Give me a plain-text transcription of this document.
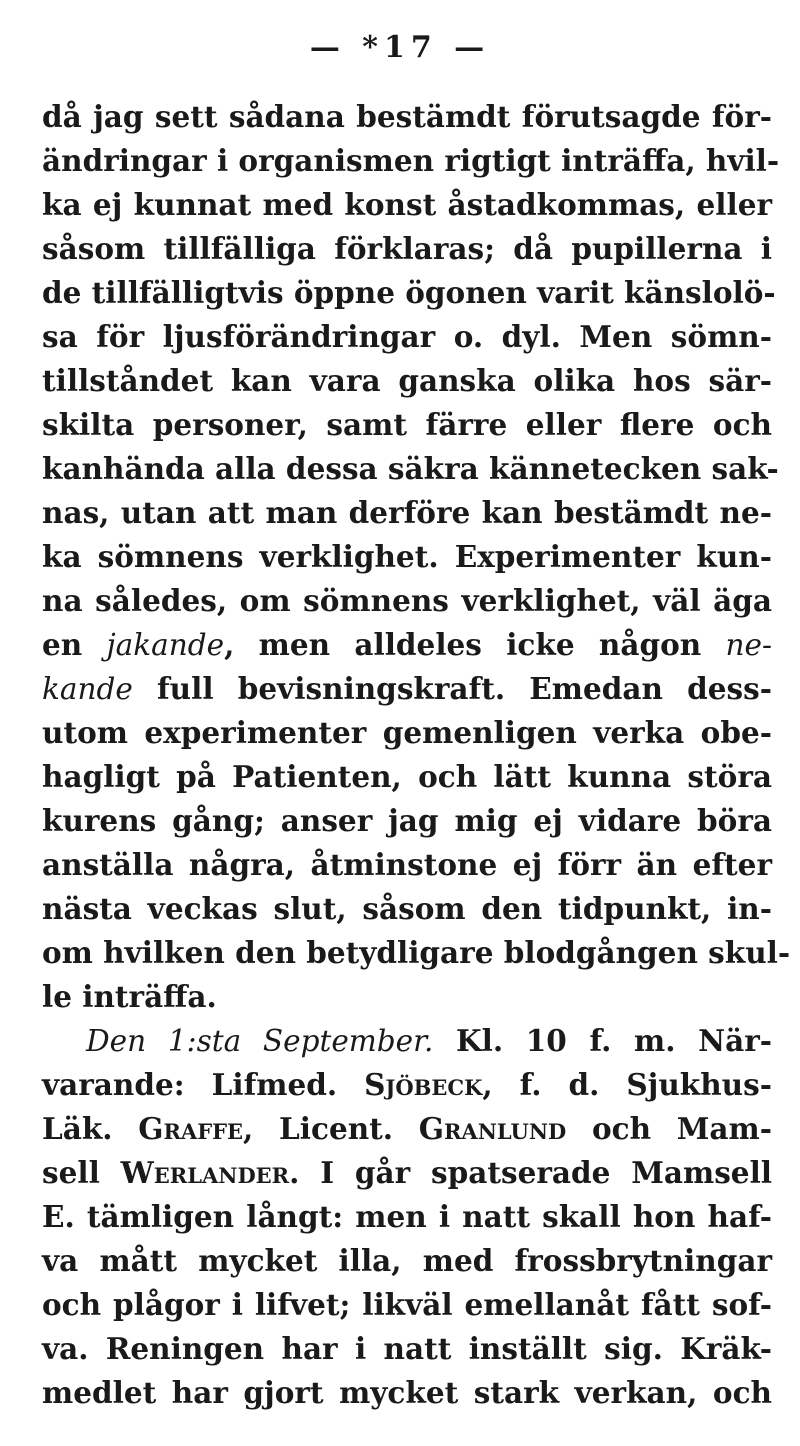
— *17 —
då jag sett sådana bestämdt förutsagde för-
ändringar i organismen rigtigt inträffa, hvil-
ka ej kunnat med konst åstadkommas, eller
såsom tillfälliga förklaras; då pupillerna i
de tillfälligtvis öppne ögonen varit känslolö-
sa för ljusförändringar o. dyl. Men sömn-
tillståndet kan vara ganska olika hos sär-
skilta personer, samt färre eller flere och
kanhända alla dessa säkra kännetecken sak-
nas, utan att man derföre kan bestämdt ne-
ka sömnens verklighet. Experimenter kun-
na således, om sömnens verklighet, väl äga
en jakande, men alldeles icke någon ne-
kande full bevisningskraft. Emedan dess-
utom experimenter gemenligen verka obe-
hagligt på Patienten, och lätt kunna störa
kurens gång; anser jag mig ej vidare böra
anställa några, åtminstone ej förr än efter
nästa veckas slut, såsom den tidpunkt, in-
om hvilken den betydligare blodgången skul-
le inträffa.
Den 1:sta September. Kl. 10 f. m. När-
varande: Lifmed. Sjöbeck, f. d. Sjukhus-
Läk. Graffe, Licent. Granlund och Mam-
sell Werlander. I går spatserade Mamsell
E. tämligen långt: men i natt skall hon haf-
va mått mycket illa, med frossbrytningar
och plågor i lifvet; likväl emellanåt fått sof-
va. Reningen har i natt inställt sig. Kräk-
medlet har gjort mycket stark verkan, och
